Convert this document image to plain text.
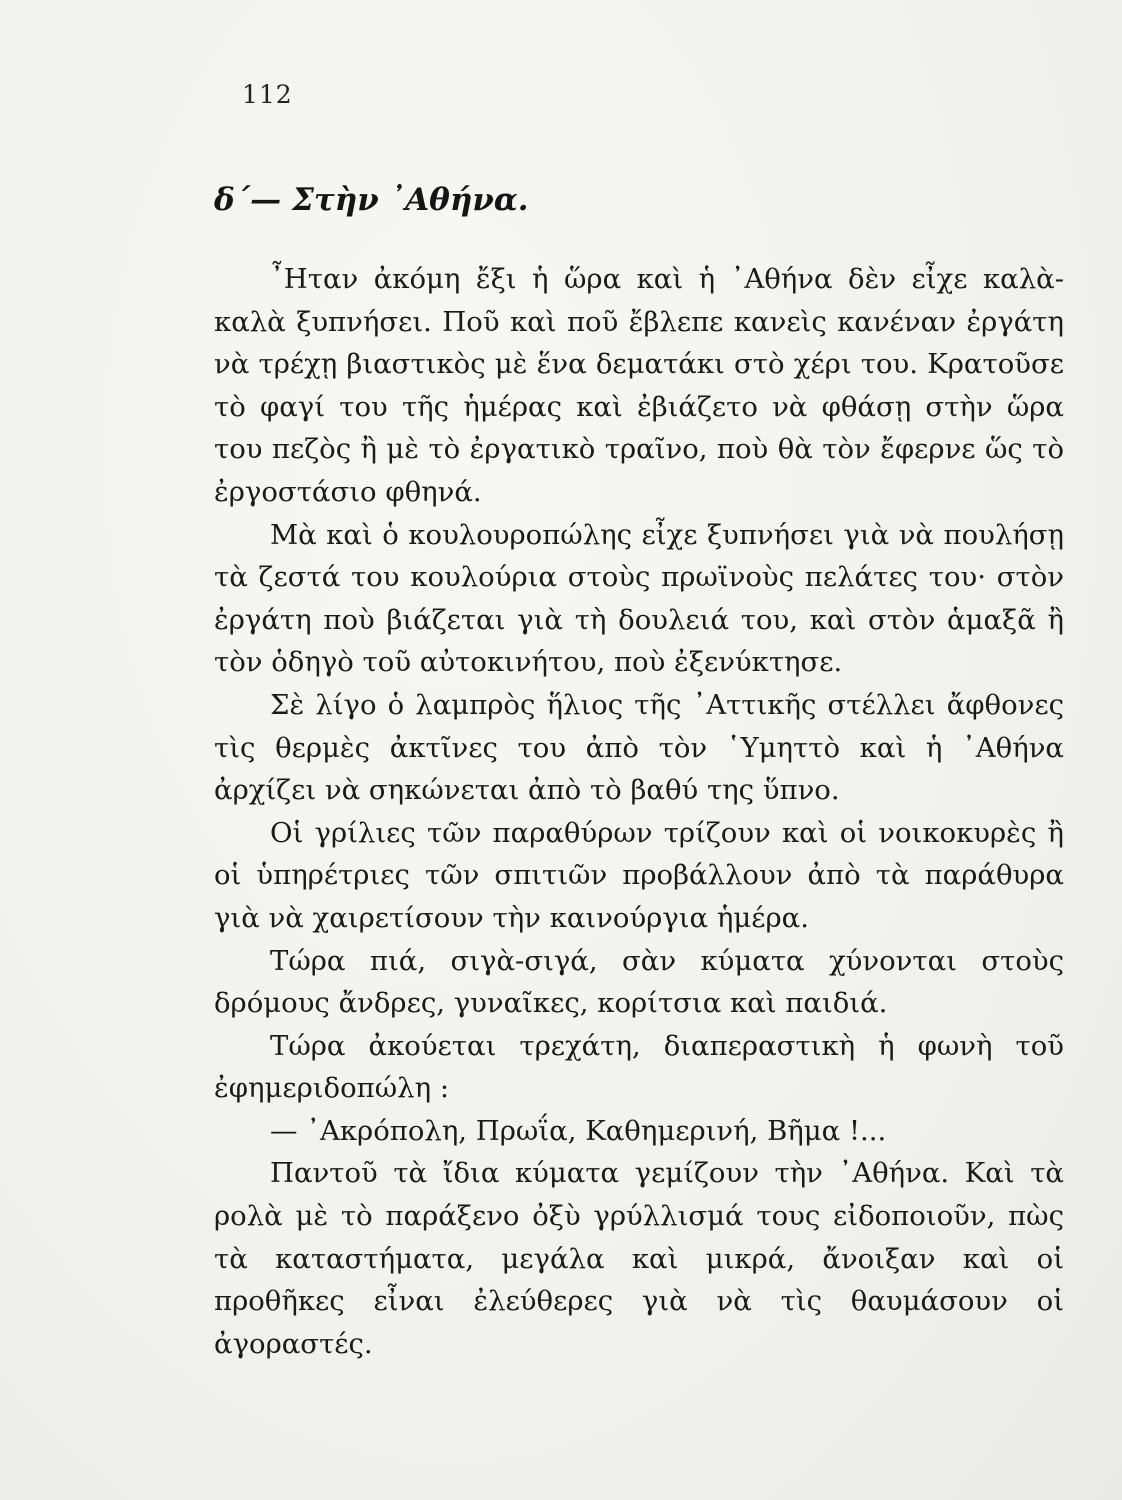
112
δ΄— Στὴν ᾿Αθήνα.

῏Ηταν ἀκόμη ἔξι ἡ ὥρα καὶ ἡ ᾿Αθήνα δὲν εἶχε καλὰ-καλὰ ξυπνήσει. Ποῦ καὶ ποῦ ἔβλεπε κανεὶς κανέναν ἐργάτη νὰ τρέχῃ βιαστικὸς μὲ ἕνα δεματάκι στὸ χέρι του. Κρατοῦσε τὸ φαγί του τῆς ἡμέρας καὶ ἐβιάζετο νὰ φθάσῃ στὴν ὥρα του πεζὸς ἢ μὲ τὸ ἐργατικὸ τραῖνο, ποὺ θὰ τὸν ἔφερνε ὥς τὸ ἐργοστάσιο φθηνά.

Μὰ καὶ ὁ κουλουροπώλης εἶχε ξυπνήσει γιὰ νὰ πουλήσῃ τὰ ζεστά του κουλούρια στοὺς πρωϊνοὺς πελάτες του· στὸν ἐργάτη ποὺ βιάζεται γιὰ τὴ δουλειά του, καὶ στὸν ἁμαξᾶ ἢ τὸν ὁδηγὸ τοῦ αὐτοκινήτου, ποὺ ἐξενύκτησε.

Σὲ λίγο ὁ λαμπρὸς ἥλιος τῆς ᾿Αττικῆς στέλλει ἄφθονες τὶς θερμὲς ἀκτῖνες του ἀπὸ τὸν ῾Υμηττὸ καὶ ἡ ᾿Αθήνα ἀρχίζει νὰ σηκώνεται ἀπὸ τὸ βαθύ της ὕπνο.

Οἱ γρίλιες τῶν παραθύρων τρίζουν καὶ οἱ νοικοκυρὲς ἢ οἱ ὑπηρέτριες τῶν σπιτιῶν προβάλλουν ἀπὸ τὰ παράθυρα γιὰ νὰ χαιρετίσουν τὴν καινούργια ἡμέρα.

Τώρα πιά, σιγὰ-σιγά, σὰν κύματα χύνονται στοὺς δρόμους ἄνδρες, γυναῖκες, κορίτσια καὶ παιδιά.

Τώρα ἀκούεται τρεχάτη, διαπεραστικὴ ἡ φωνὴ τοῦ ἐφημεριδοπώλη :

— ᾿Ακρόπολη, Πρωΐα, Καθημερινή, Βῆμα !...

Παντοῦ τὰ ἴδια κύματα γεμίζουν τὴν ᾿Αθήνα. Καὶ τὰ ρολὰ μὲ τὸ παράξενο ὀξὺ γρύλλισμά τους εἰδοποιοῦν, πὼς τὰ καταστήματα, μεγάλα καὶ μικρά, ἄνοιξαν καὶ οἱ προθῆκες εἶναι ἐλεύθερες γιὰ νὰ τὶς θαυμάσουν οἱ ἀγοραστές.
